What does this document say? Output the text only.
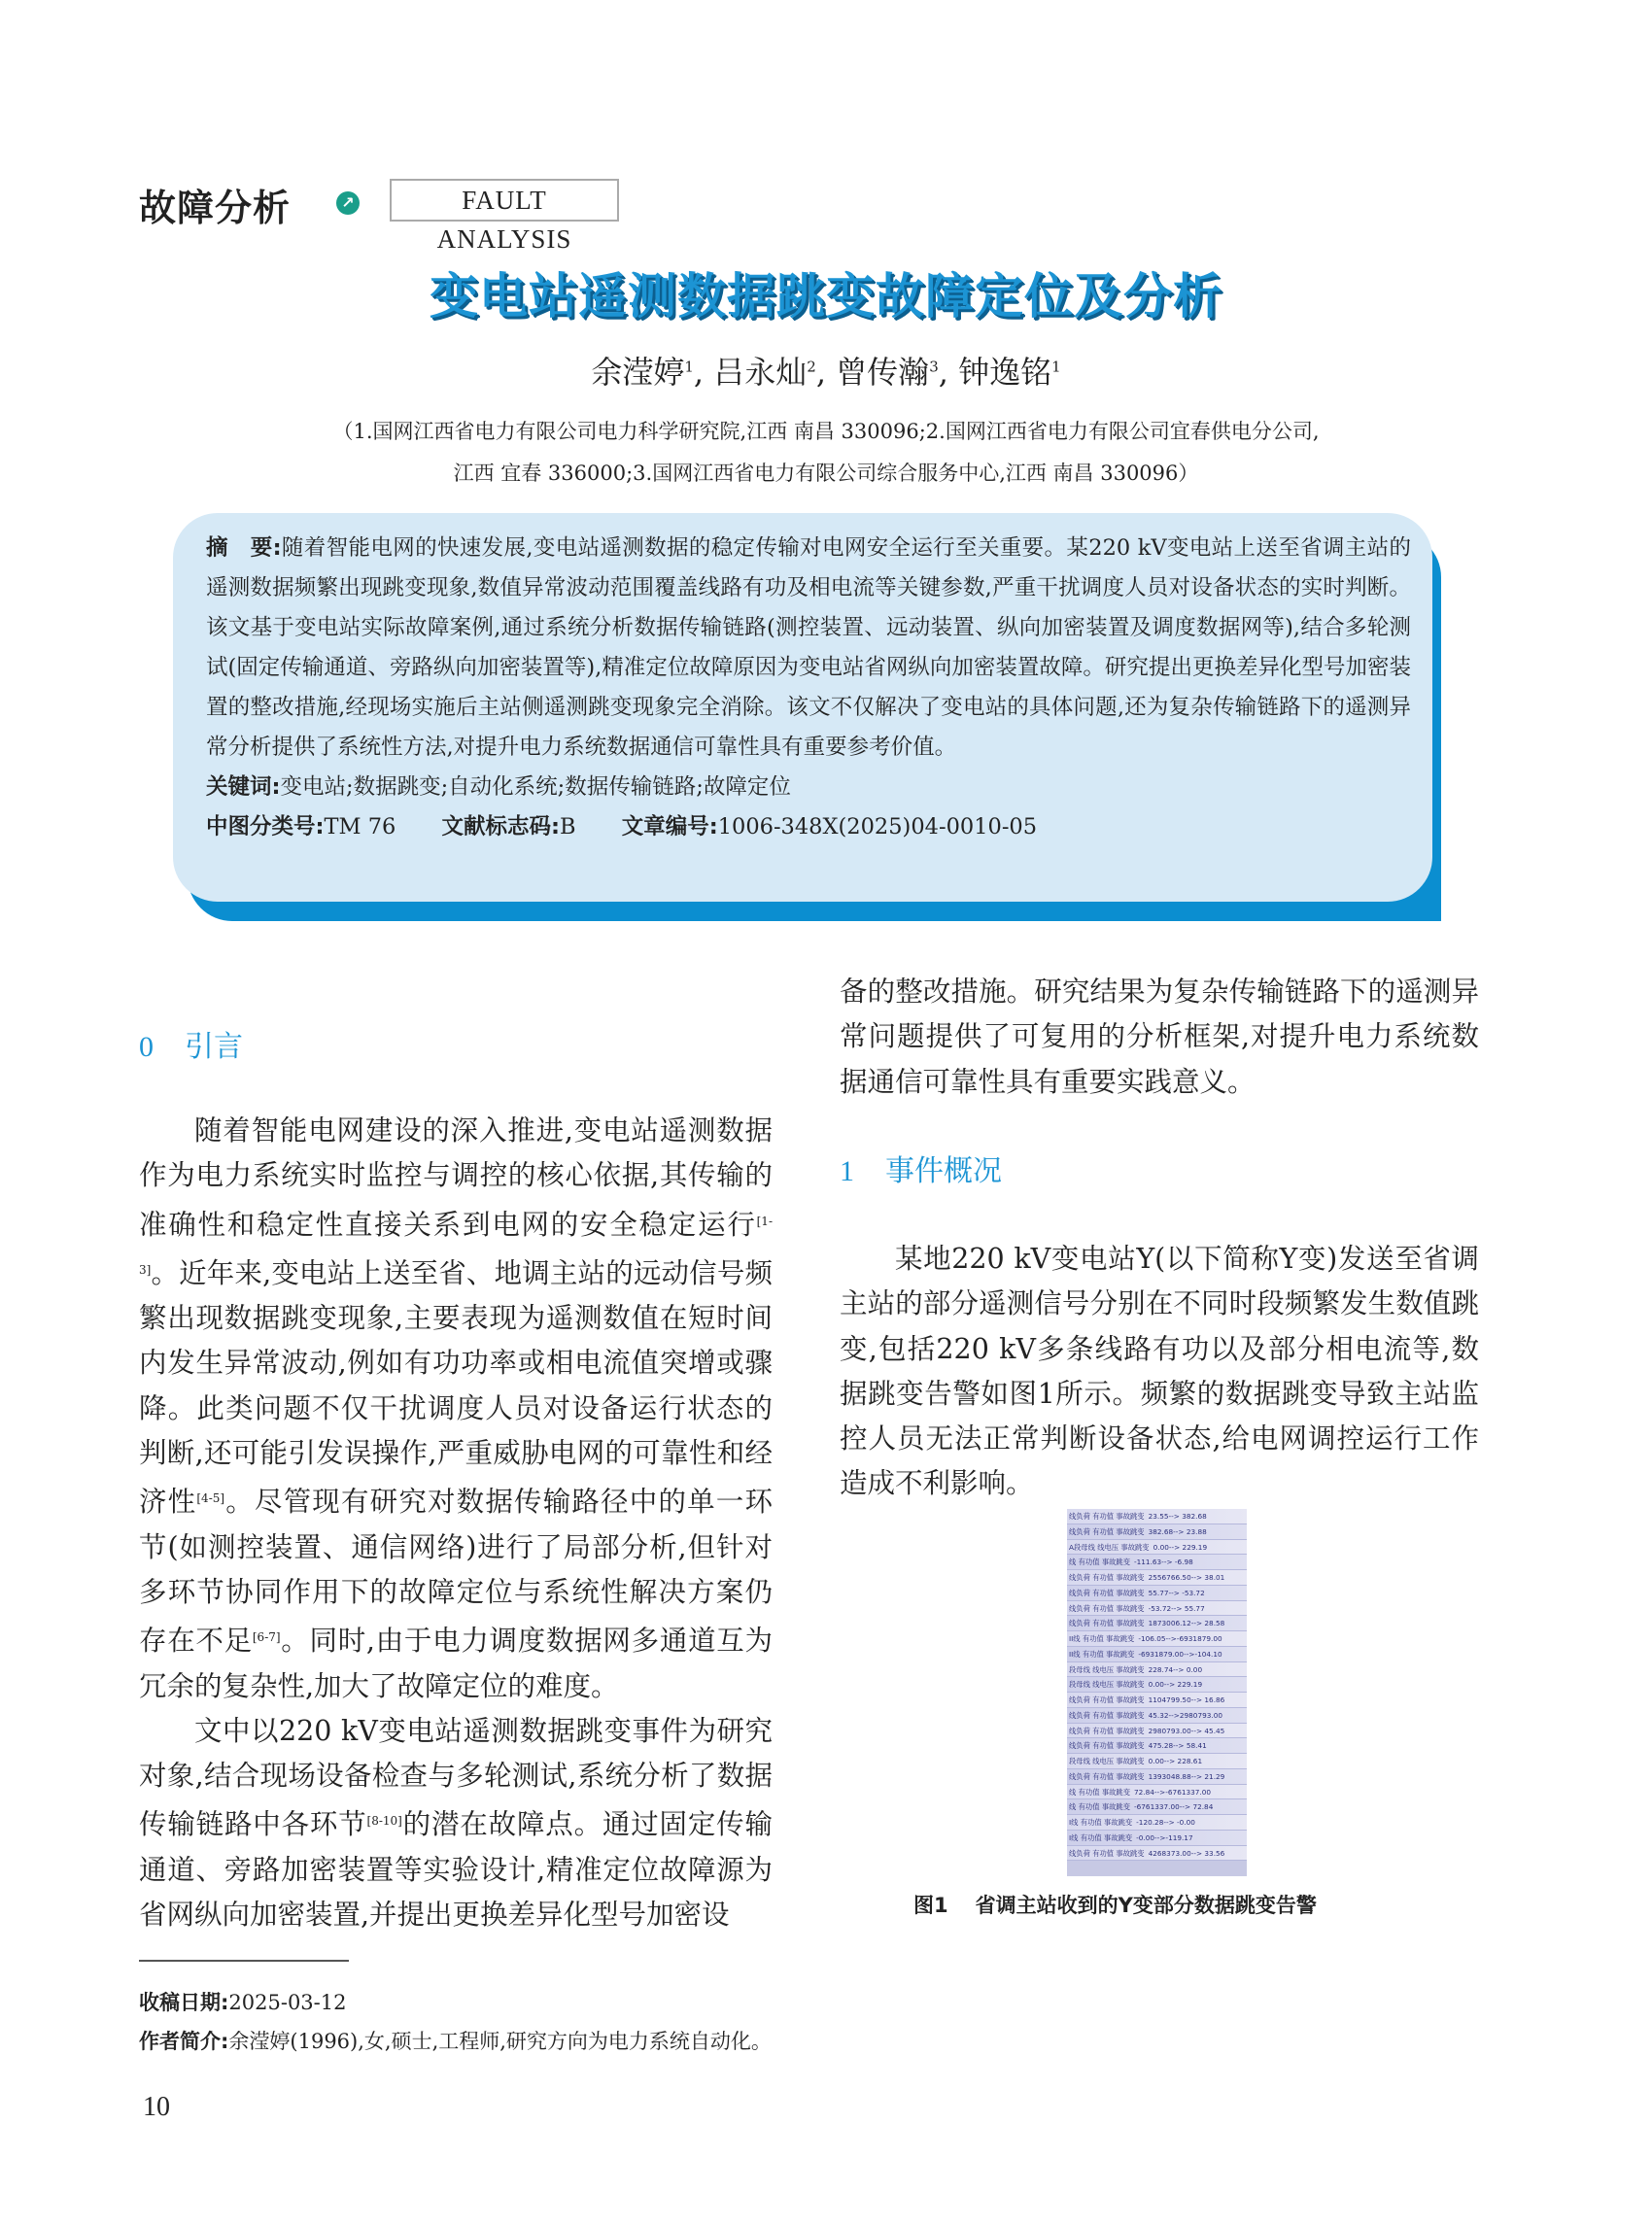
故障分析	↗	FAULT ANALYSIS
变电站遥测数据跳变故障定位及分析
余滢婷$^1$, 吕永灿$^2$, 曾传瀚$^3$, 钟逸铭$^1$
（1.国网江西省电力有限公司电力科学研究院,江西 南昌 330096;2.国网江西省电力有限公司宜春供电分公司,
江西 宜春 336000;3.国网江西省电力有限公司综合服务中心,江西 南昌 330096）

摘　要:随着智能电网的快速发展,变电站遥测数据的稳定传输对电网安全运行至关重要。某220 kV变电站上送至省调主站的遥测数据频繁出现跳变现象,数值异常波动范围覆盖线路有功及相电流等关键参数,严重干扰调度人员对设备状态的实时判断。该文基于变电站实际故障案例,通过系统分析数据传输链路(测控装置、远动装置、纵向加密装置及调度数据网等),结合多轮测试(固定传输通道、旁路纵向加密装置等),精准定位故障原因为变电站省网纵向加密装置故障。研究提出更换差异化型号加密装置的整改措施,经现场实施后主站侧遥测跳变现象完全消除。该文不仅解决了变电站的具体问题,还为复杂传输链路下的遥测异常分析提供了系统性方法,对提升电力系统数据通信可靠性具有重要参考价值。

关键词:变电站;数据跳变;自动化系统;数据传输链路;故障定位

中图分类号:TM 76 文献标志码:B 文章编号:1006-348X(2025)04-0010-05

0 引言

随着智能电网建设的深入推进,变电站遥测数据作为电力系统实时监控与调控的核心依据,其传输的准确性和稳定性直接关系到电网的安全稳定运行[1-3]。近年来,变电站上送至省、地调主站的远动信号频繁出现数据跳变现象,主要表现为遥测数值在短时间内发生异常波动,例如有功功率或相电流值突增或骤降。此类问题不仅干扰调度人员对设备运行状态的判断,还可能引发误操作,严重威胁电网的可靠性和经济性[4-5]。尽管现有研究对数据传输路径中的单一环节(如测控装置、通信网络)进行了局部分析,但针对多环节协同作用下的故障定位与系统性解决方案仍存在不足[6-7]。同时,由于电力调度数据网多通道互为冗余的复杂性,加大了故障定位的难度。

文中以220 kV变电站遥测数据跳变事件为研究对象,结合现场设备检查与多轮测试,系统分析了数据传输链路中各环节[8-10]的潜在故障点。通过固定传输通道、旁路加密装置等实验设计,精准定位故障源为省网纵向加密装置,并提出更换差异化型号加密设

备的整改措施。研究结果为复杂传输链路下的遥测异常问题提供了可复用的分析框架,对提升电力系统数据通信可靠性具有重要实践意义。

1 事件概况

某地220 kV变电站Y(以下简称Y变)发送至省调主站的部分遥测信号分别在不同时段频繁发生数值跳变,包括220 kV多条线路有功以及部分相电流等,数据跳变告警如图1所示。频繁的数据跳变导致主站监控人员无法正常判断设备状态,给电网调控运行工作造成不利影响。

线负荷 有功值 事故跳变 23.55--> 382.68
线负荷 有功值 事故跳变 382.68--> 23.88
A段母线 线电压 事故跳变 0.00--> 229.19
线 有功值 事故跳变 -111.63--> -6.98
线负荷 有功值 事故跳变 2556766.50--> 38.01
线负荷 有功值 事故跳变 55.77--> -53.72
线负荷 有功值 事故跳变 -53.72--> 55.77
线负荷 有功值 事故跳变 1873006.12--> 28.58
II线 有功值 事故跳变 -106.05-->-6931879.00
II线 有功值 事故跳变 -6931879.00-->-104.10
段母线 线电压 事故跳变 228.74--> 0.00
段母线 线电压 事故跳变 0.00--> 229.19
线负荷 有功值 事故跳变 1104799.50--> 16.86
线负荷 有功值 事故跳变 45.32-->2980793.00
线负荷 有功值 事故跳变 2980793.00--> 45.45
线负荷 有功值 事故跳变 475.28--> 58.41
段母线 线电压 事故跳变 0.00--> 228.61
线负荷 有功值 事故跳变 1393048.88--> 21.29
线 有功值 事故跳变 72.84-->-6761337.00
线 有功值 事故跳变 -6761337.00--> 72.84
I线 有功值 事故跳变 -120.28--> -0.00
I线 有功值 事故跳变 -0.00-->-119.17
线负荷 有功值 事故跳变 4268373.00--> 33.56
图1 省调主站收到的Y变部分数据跳变告警
收稿日期:2025-03-12
作者简介:余滢婷(1996),女,硕士,工程师,研究方向为电力系统自动化。
10
